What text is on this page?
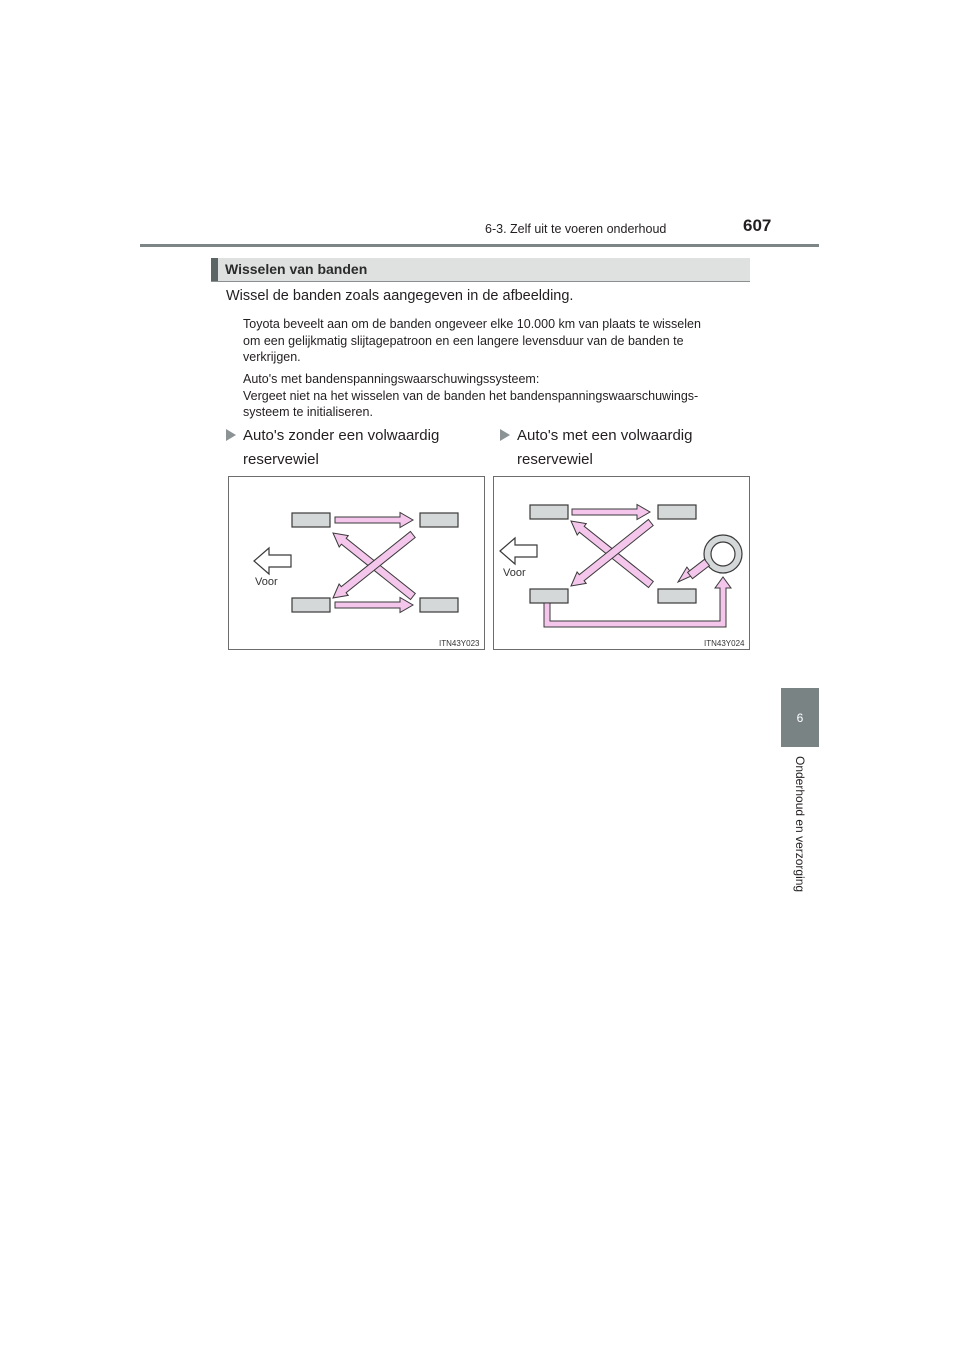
6-3. Zelf uit te voeren onderhoud	607
6
Onderhoud en verzorging
Wisselen van banden
Wissel de banden zoals aangegeven in de afbeelding.

Toyota beveelt aan om de banden ongeveer elke 10.000 km van plaats te wisselen

om een gelijkmatig slijtagepatroon en een langere levensduur van de banden te

verkrijgen.

Auto's met bandenspanningswaarschuwingssysteem:

Vergeet niet na het wisselen van de banden het bandenspanningswaarschuwings-

systeem te initialiseren.

Auto's zonder een volwaardig reservewiel
Auto's met een volwaardig reservewiel
Voor
ITN43Y023
Voor
ITN43Y024
